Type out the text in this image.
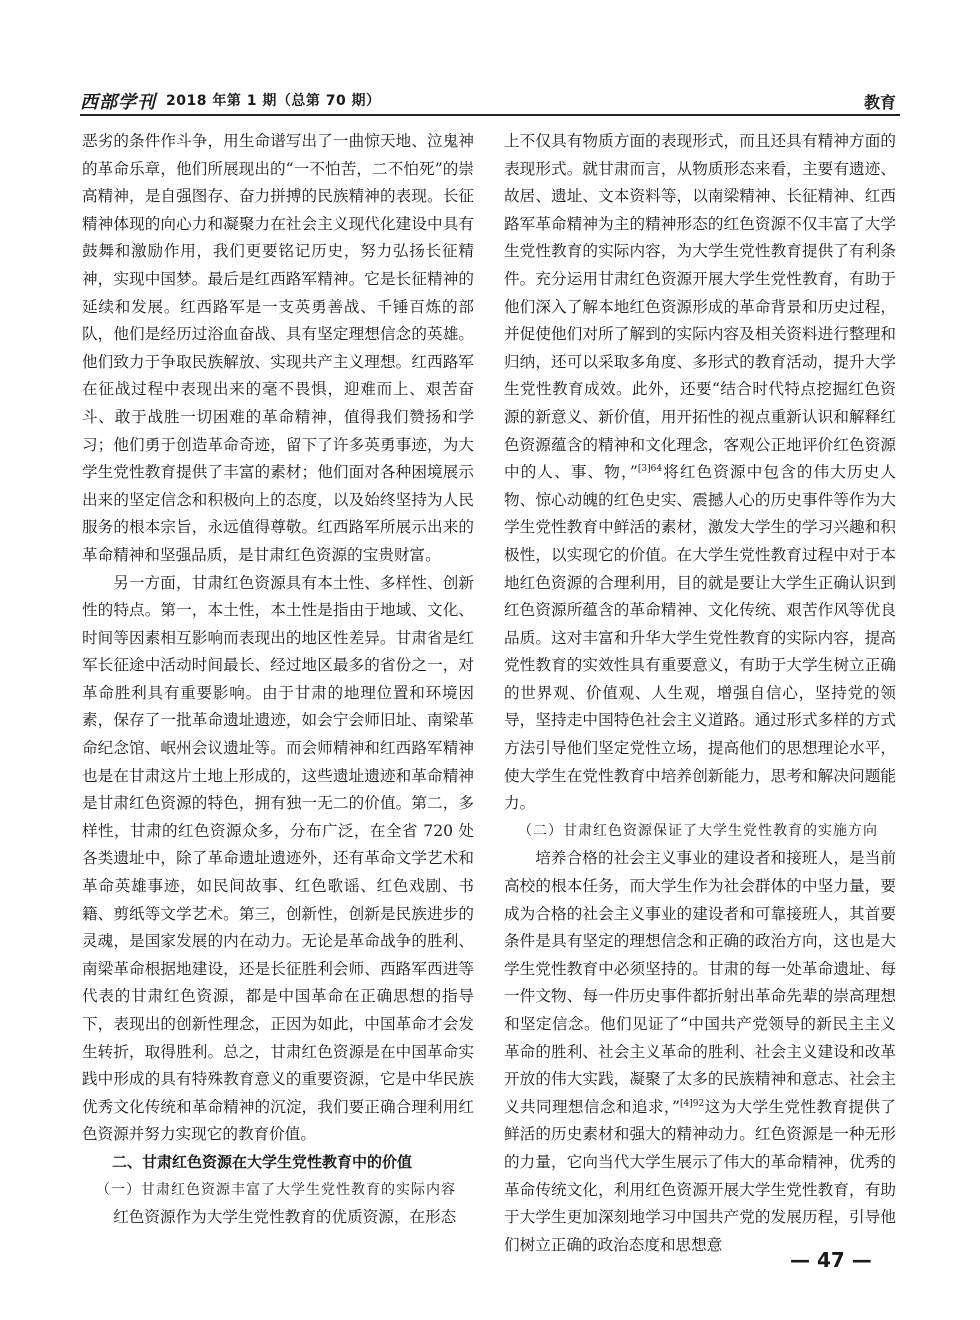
西部学刊 2018 年第 1 期（总第 70 期）	教育

恶劣的条件作斗争，用生命谱写出了一曲惊天地、泣鬼神的革命乐章，他们所展现出的“一不怕苦，二不怕死”的崇高精神，是自强图存、奋力拼搏的民族精神的表现。长征精神体现的向心力和凝聚力在社会主义现代化建设中具有鼓舞和激励作用，我们更要铭记历史，努力弘扬长征精神，实现中国梦。最后是红西路军精神。它是长征精神的延续和发展。红西路军是一支英勇善战、千锤百炼的部队，他们是经历过浴血奋战、具有坚定理想信念的英雄。他们致力于争取民族解放、实现共产主义理想。红西路军在征战过程中表现出来的毫不畏惧，迎难而上、艰苦奋斗、敢于战胜一切困难的革命精神，值得我们赞扬和学习；他们勇于创造革命奇迹，留下了许多英勇事迹，为大学生党性教育提供了丰富的素材；他们面对各种困境展示出来的坚定信念和积极向上的态度，以及始终坚持为人民服务的根本宗旨，永远值得尊敬。红西路军所展示出来的革命精神和坚强品质，是甘肃红色资源的宝贵财富。

另一方面，甘肃红色资源具有本土性、多样性、创新性的特点。第一，本土性，本土性是指由于地域、文化、时间等因素相互影响而表现出的地区性差异。甘肃省是红军长征途中活动时间最长、经过地区最多的省份之一，对革命胜利具有重要影响。由于甘肃的地理位置和环境因素，保存了一批革命遗址遗迹，如会宁会师旧址、南梁革命纪念馆、岷州会议遗址等。而会师精神和红西路军精神也是在甘肃这片土地上形成的，这些遗址遗迹和革命精神是甘肃红色资源的特色，拥有独一无二的价值。第二，多样性，甘肃的红色资源众多，分布广泛，在全省 720 处各类遗址中，除了革命遗址遗迹外，还有革命文学艺术和革命英雄事迹，如民间故事、红色歌谣、红色戏剧、书籍、剪纸等文学艺术。第三，创新性，创新是民族进步的灵魂，是国家发展的内在动力。无论是革命战争的胜利、南梁革命根据地建设，还是长征胜利会师、西路军西进等代表的甘肃红色资源，都是中国革命在正确思想的指导下，表现出的创新性理念，正因为如此，中国革命才会发生转折，取得胜利。总之，甘肃红色资源是在中国革命实践中形成的具有特殊教育意义的重要资源，它是中华民族优秀文化传统和革命精神的沉淀，我们要正确合理利用红色资源并努力实现它的教育价值。

二、甘肃红色资源在大学生党性教育中的价值

（一）甘肃红色资源丰富了大学生党性教育的实际内容

红色资源作为大学生党性教育的优质资源，在形态

上不仅具有物质方面的表现形式，而且还具有精神方面的表现形式。就甘肃而言，从物质形态来看，主要有遗迹、故居、遗址、文本资料等，以南梁精神、长征精神、红西路军革命精神为主的精神形态的红色资源不仅丰富了大学生党性教育的实际内容，为大学生党性教育提供了有利条件。充分运用甘肃红色资源开展大学生党性教育，有助于他们深入了解本地红色资源形成的革命背景和历史过程，并促使他们对所了解到的实际内容及相关资料进行整理和归纳，还可以采取多角度、多形式的教育活动，提升大学生党性教育成效。此外，还要“结合时代特点挖掘红色资源的新意义、新价值，用开拓性的视点重新认识和解释红色资源蕴含的精神和文化理念，客观公正地评价红色资源中的人、事、物，”$^{[3]64}$将红色资源中包含的伟大历史人物、惊心动魄的红色史实、震撼人心的历史事件等作为大学生党性教育中鲜活的素材，激发大学生的学习兴趣和积极性，以实现它的价值。在大学生党性教育过程中对于本地红色资源的合理利用，目的就是要让大学生正确认识到红色资源所蕴含的革命精神、文化传统、艰苦作风等优良品质。这对丰富和升华大学生党性教育的实际内容，提高党性教育的实效性具有重要意义，有助于大学生树立正确的世界观、价值观、人生观，增强自信心，坚持党的领导，坚持走中国特色社会主义道路。通过形式多样的方式方法引导他们坚定党性立场，提高他们的思想理论水平，使大学生在党性教育中培养创新能力，思考和解决问题能力。

（二）甘肃红色资源保证了大学生党性教育的实施方向

培养合格的社会主义事业的建设者和接班人，是当前高校的根本任务，而大学生作为社会群体的中坚力量，要成为合格的社会主义事业的建设者和可靠接班人，其首要条件是具有坚定的理想信念和正确的政治方向，这也是大学生党性教育中必须坚持的。甘肃的每一处革命遗址、每一件文物、每一件历史事件都折射出革命先辈的崇高理想和坚定信念。他们见证了“中国共产党领导的新民主主义革命的胜利、社会主义革命的胜利、社会主义建设和改革开放的伟大实践，凝聚了太多的民族精神和意志、社会主义共同理想信念和追求，”$^{[4]92}$这为大学生党性教育提供了鲜活的历史素材和强大的精神动力。红色资源是一种无形的力量，它向当代大学生展示了伟大的革命精神，优秀的革命传统文化，利用红色资源开展大学生党性教育，有助于大学生更加深刻地学习中国共产党的发展历程，引导他们树立正确的政治态度和思想意

— 47 —
